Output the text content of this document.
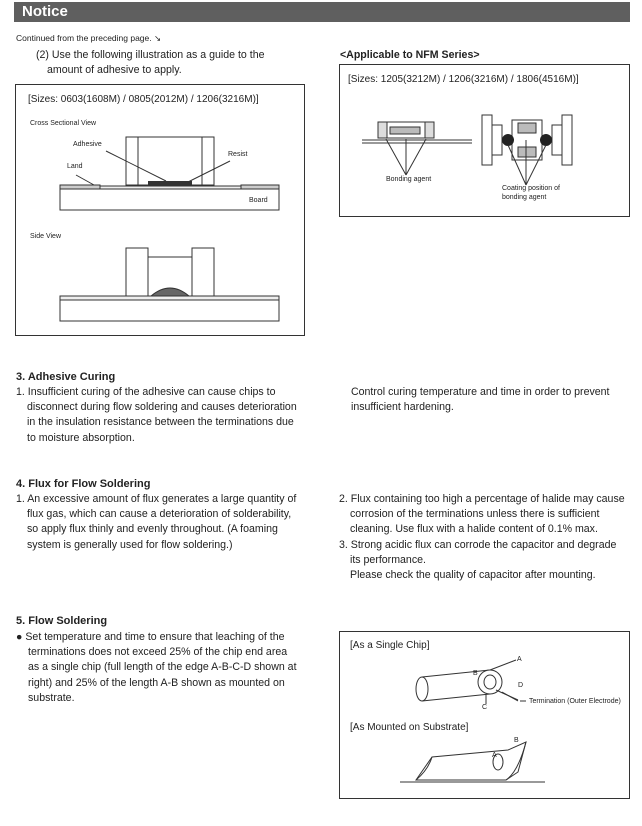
Notice
Continued from the preceding page. ↘

(2) Use the following illustration as a guide to the

amount of adhesive to apply.

<Applicable to NFM Series>
[Sizes: 1205(3212M) / 1206(3216M) / 1806(4516M)]
Bonding agent
Coating position of
bonding agent
[Sizes: 0603(1608M) / 0805(2012M) / 1206(3216M)]
Cross Sectional View
Adhesive
Resist
Land
Board
Side View
3. Adhesive Curing

1. Insufficient curing of the adhesive can cause chips to

disconnect during flow soldering and causes deterioration

in the insulation resistance between the terminations due

to moisture absorption.

Control curing temperature and time in order to prevent

insufficient hardening.

4. Flux for Flow Soldering

1. An excessive amount of flux generates a large quantity of

flux gas, which can cause a deterioration of solderability,

so apply flux thinly and evenly throughout. (A foaming

system is generally used for flow soldering.)

2. Flux containing too high a percentage of halide may cause

corrosion of the terminations unless there is sufficient

cleaning. Use flux with a halide content of 0.1% max.

3. Strong acidic flux can corrode the capacitor and degrade

its performance.

Please check the quality of capacitor after mounting.

5. Flow Soldering

● Set temperature and time to ensure that leaching of the

terminations does not exceed 25% of the chip end area

as a single chip (full length of the edge A-B-C-D shown at

right) and 25% of the length A-B shown as mounted on

substrate.

[As a Single Chip]
[As Mounted on Substrate]
A
B
C
D
Termination (Outer Electrode)
B
A
